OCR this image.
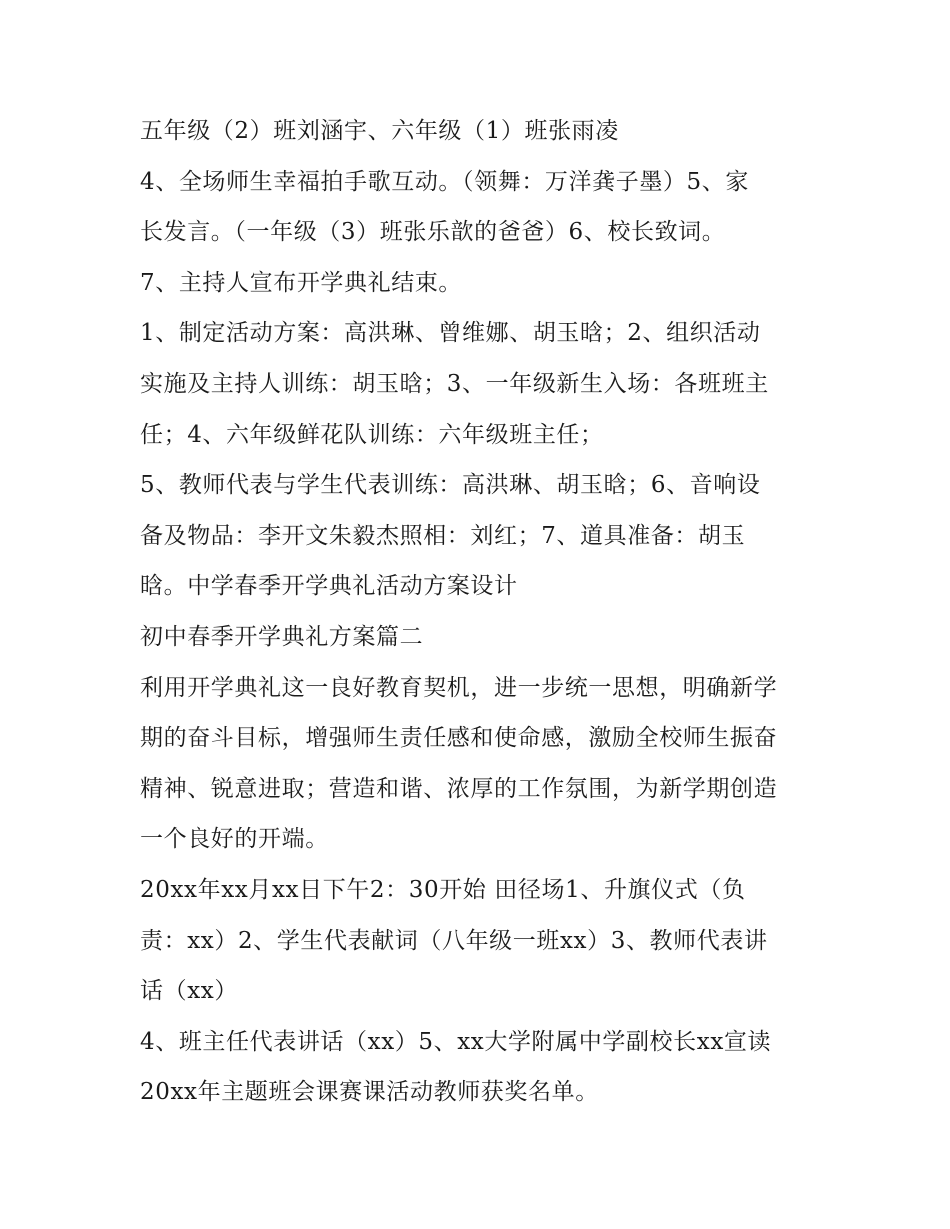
五年级（2）班刘涵宇、六年级（1）班张雨凌
4、全场师生幸福拍手歌互动。（领舞：万洋龚子墨）5、家
长发言。（一年级（3）班张乐歆的爸爸）6、校长致词。
7、主持人宣布开学典礼结束。
1、制定活动方案：高洪琳、曾维娜、胡玉晗；2、组织活动
实施及主持人训练：胡玉晗；3、一年级新生入场：各班班主
任；4、六年级鲜花队训练：六年级班主任；
5、教师代表与学生代表训练：高洪琳、胡玉晗；6、音响设
备及物品：李开文朱毅杰照相：刘红；7、道具准备：胡玉
晗。中学春季开学典礼活动方案设计
初中春季开学典礼方案篇二
利用开学典礼这一良好教育契机，进一步统一思想，明确新学
期的奋斗目标，增强师生责任感和使命感，激励全校师生振奋
精神、锐意进取；营造和谐、浓厚的工作氛围，为新学期创造
一个良好的开端。
20xx年xx月xx日下午2：30开始 田径场1、升旗仪式（负
责：xx）2、学生代表献词（八年级一班xx）3、教师代表讲
话（xx）
4、班主任代表讲话（xx）5、xx大学附属中学副校长xx宣读
20xx年主题班会课赛课活动教师获奖名单。
